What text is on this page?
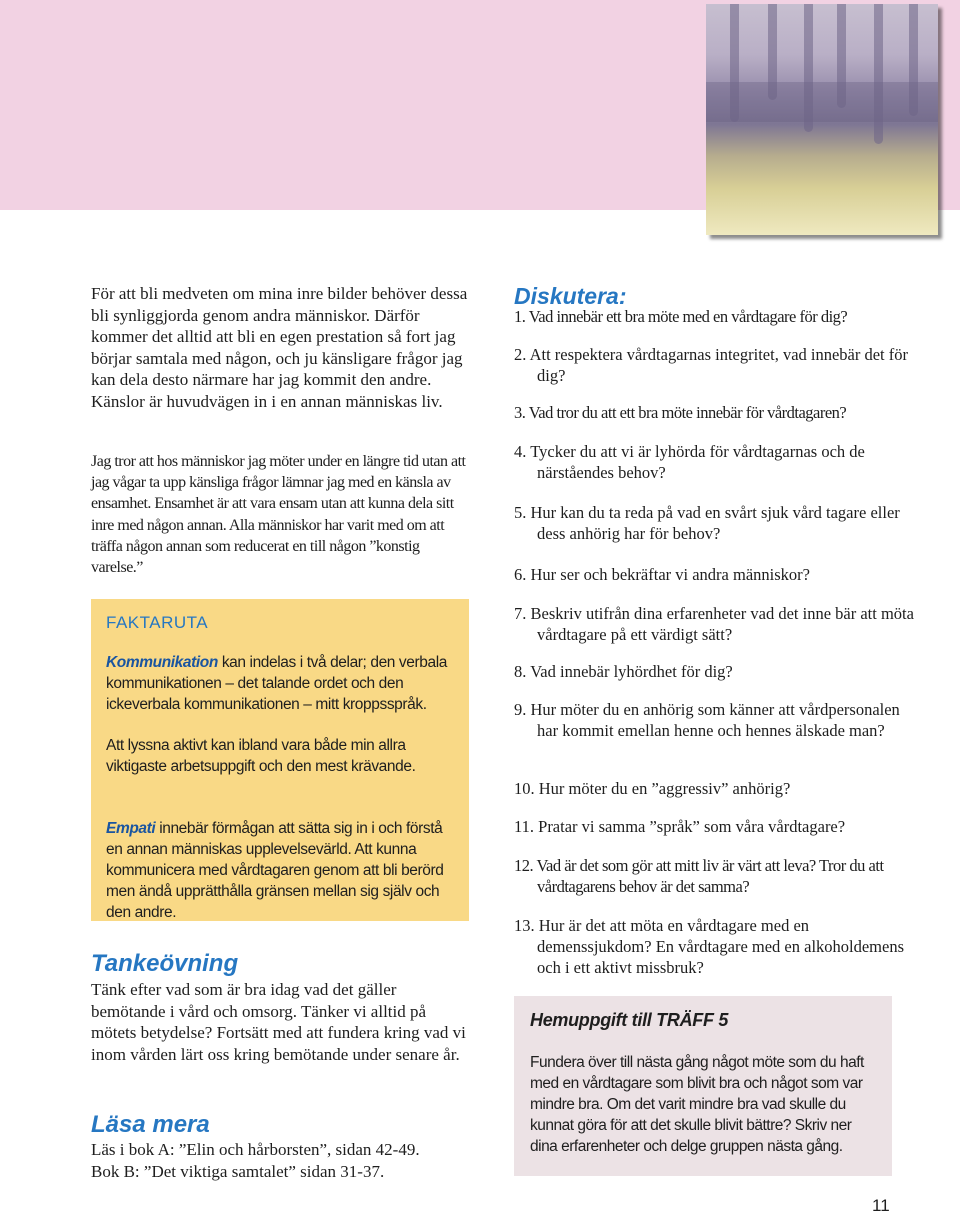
För att bli medveten om mina inre bilder behöver dessa bli synliggjorda genom andra människor. Därför kommer det alltid att bli en egen prestation så fort jag börjar samtala med någon, och ju känsligare frågor jag kan dela desto närmare har jag kommit den andre. Känslor är huvudvägen in i en annan människas liv.

Jag tror att hos människor jag möter under en längre tid utan att jag vågar ta upp känsliga frågor lämnar jag med en känsla av ensamhet. Ensamhet är att vara ensam utan att kunna dela sitt inre med någon annan. Alla människor har varit med om att träffa någon annan som reducerat en till någon ”konstig varelse.”

FAKTARUTA

Kommunikation kan indelas i två delar; den verbala kommunikationen – det talande ordet och den ickeverbala kommunikationen – mitt kroppsspråk.

Att lyssna aktivt kan ibland vara både min allra viktigaste arbetsuppgift och den mest krävande.

Empati innebär förmågan att sätta sig in i och förstå en annan människas upplevelsevärld. Att kunna kommunicera med vårdtagaren genom att bli berörd men ändå upprätthålla gränsen mellan sig själv och den andre.

Tankeövning

Tänk efter vad som är bra idag vad det gäller bemötande i vård och omsorg. Tänker vi alltid på mötets betydelse? Fortsätt med att fundera kring vad vi inom vården lärt oss kring bemötande under senare år.

Läsa mera

Läs i bok A: ”Elin och hårborsten”, sidan 42-49.
Bok B: ”Det viktiga samtalet” sidan 31-37.

Diskutera:
1. Vad innebär ett bra möte med en vårdtagare för dig?
2. Att respektera vårdtagarnas integritet, vad innebär det för dig?
3. Vad tror du att ett bra möte innebär för vårdtagaren?
4. Tycker du att vi är lyhörda för vårdtagarnas och de närståendes behov?
5. Hur kan du ta reda på vad en svårt sjuk vård tagare eller dess anhörig har för behov?
6. Hur ser och bekräftar vi andra människor?
7. Beskriv utifrån dina erfarenheter vad det inne bär att möta vårdtagare på ett värdigt sätt?
8. Vad innebär lyhördhet för dig?
9. Hur möter du en anhörig som känner att vårdpersonalen har kommit emellan henne och hennes älskade man?
10. Hur möter du en ”aggressiv” anhörig?
11. Pratar vi samma ”språk” som våra vårdtagare?
12. Vad är det som gör att mitt liv är värt att leva? Tror du att vårdtagarens behov är det samma?
13. Hur är det att möta en vårdtagare med en demenssjukdom? En vårdtagare med en alkoholdemens och i ett aktivt missbruk?
Hemuppgift till TRÄFF 5

Fundera över till nästa gång något möte som du haft med en vårdtagare som blivit bra och något som var mindre bra. Om det varit mindre bra vad skulle du kunnat göra för att det skulle blivit bättre? Skriv ner dina erfarenheter och delge gruppen nästa gång.

11
